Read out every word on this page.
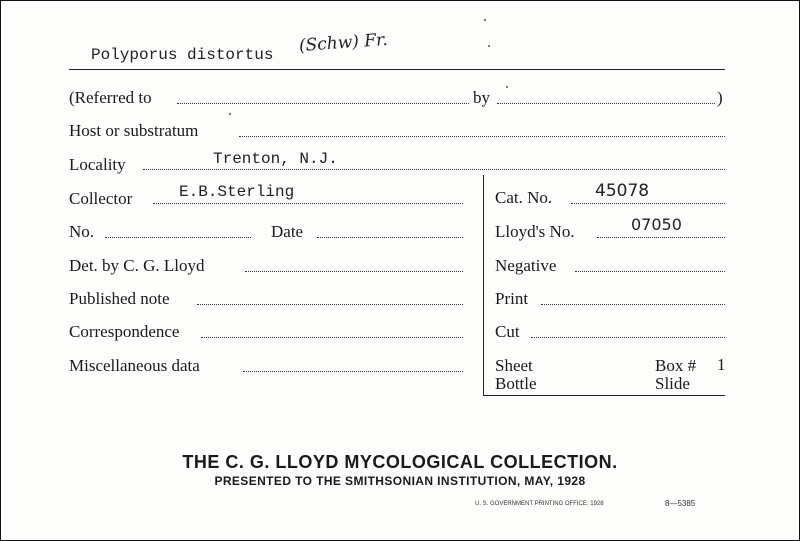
Polyporus distortus (Schw) Fr.
(Referred to	by	)
Host or substratum
Locality	Trenton, N.J.
Collector	E.B.Sterling
No.	Date
Det. by C. G. Lloyd
Published note
Correspondence
Miscellaneous data
Cat. No.	45078
Lloyd's No.	07050
Negative
Print
Cut
Sheet
Bottle
Box # 1
Slide
THE C. G. LLOYD MYCOLOGICAL COLLECTION.
PRESENTED TO THE SMITHSONIAN INSTITUTION, MAY, 1928
U. S. GOVERNMENT PRINTING OFFICE: 1928	8—5385
